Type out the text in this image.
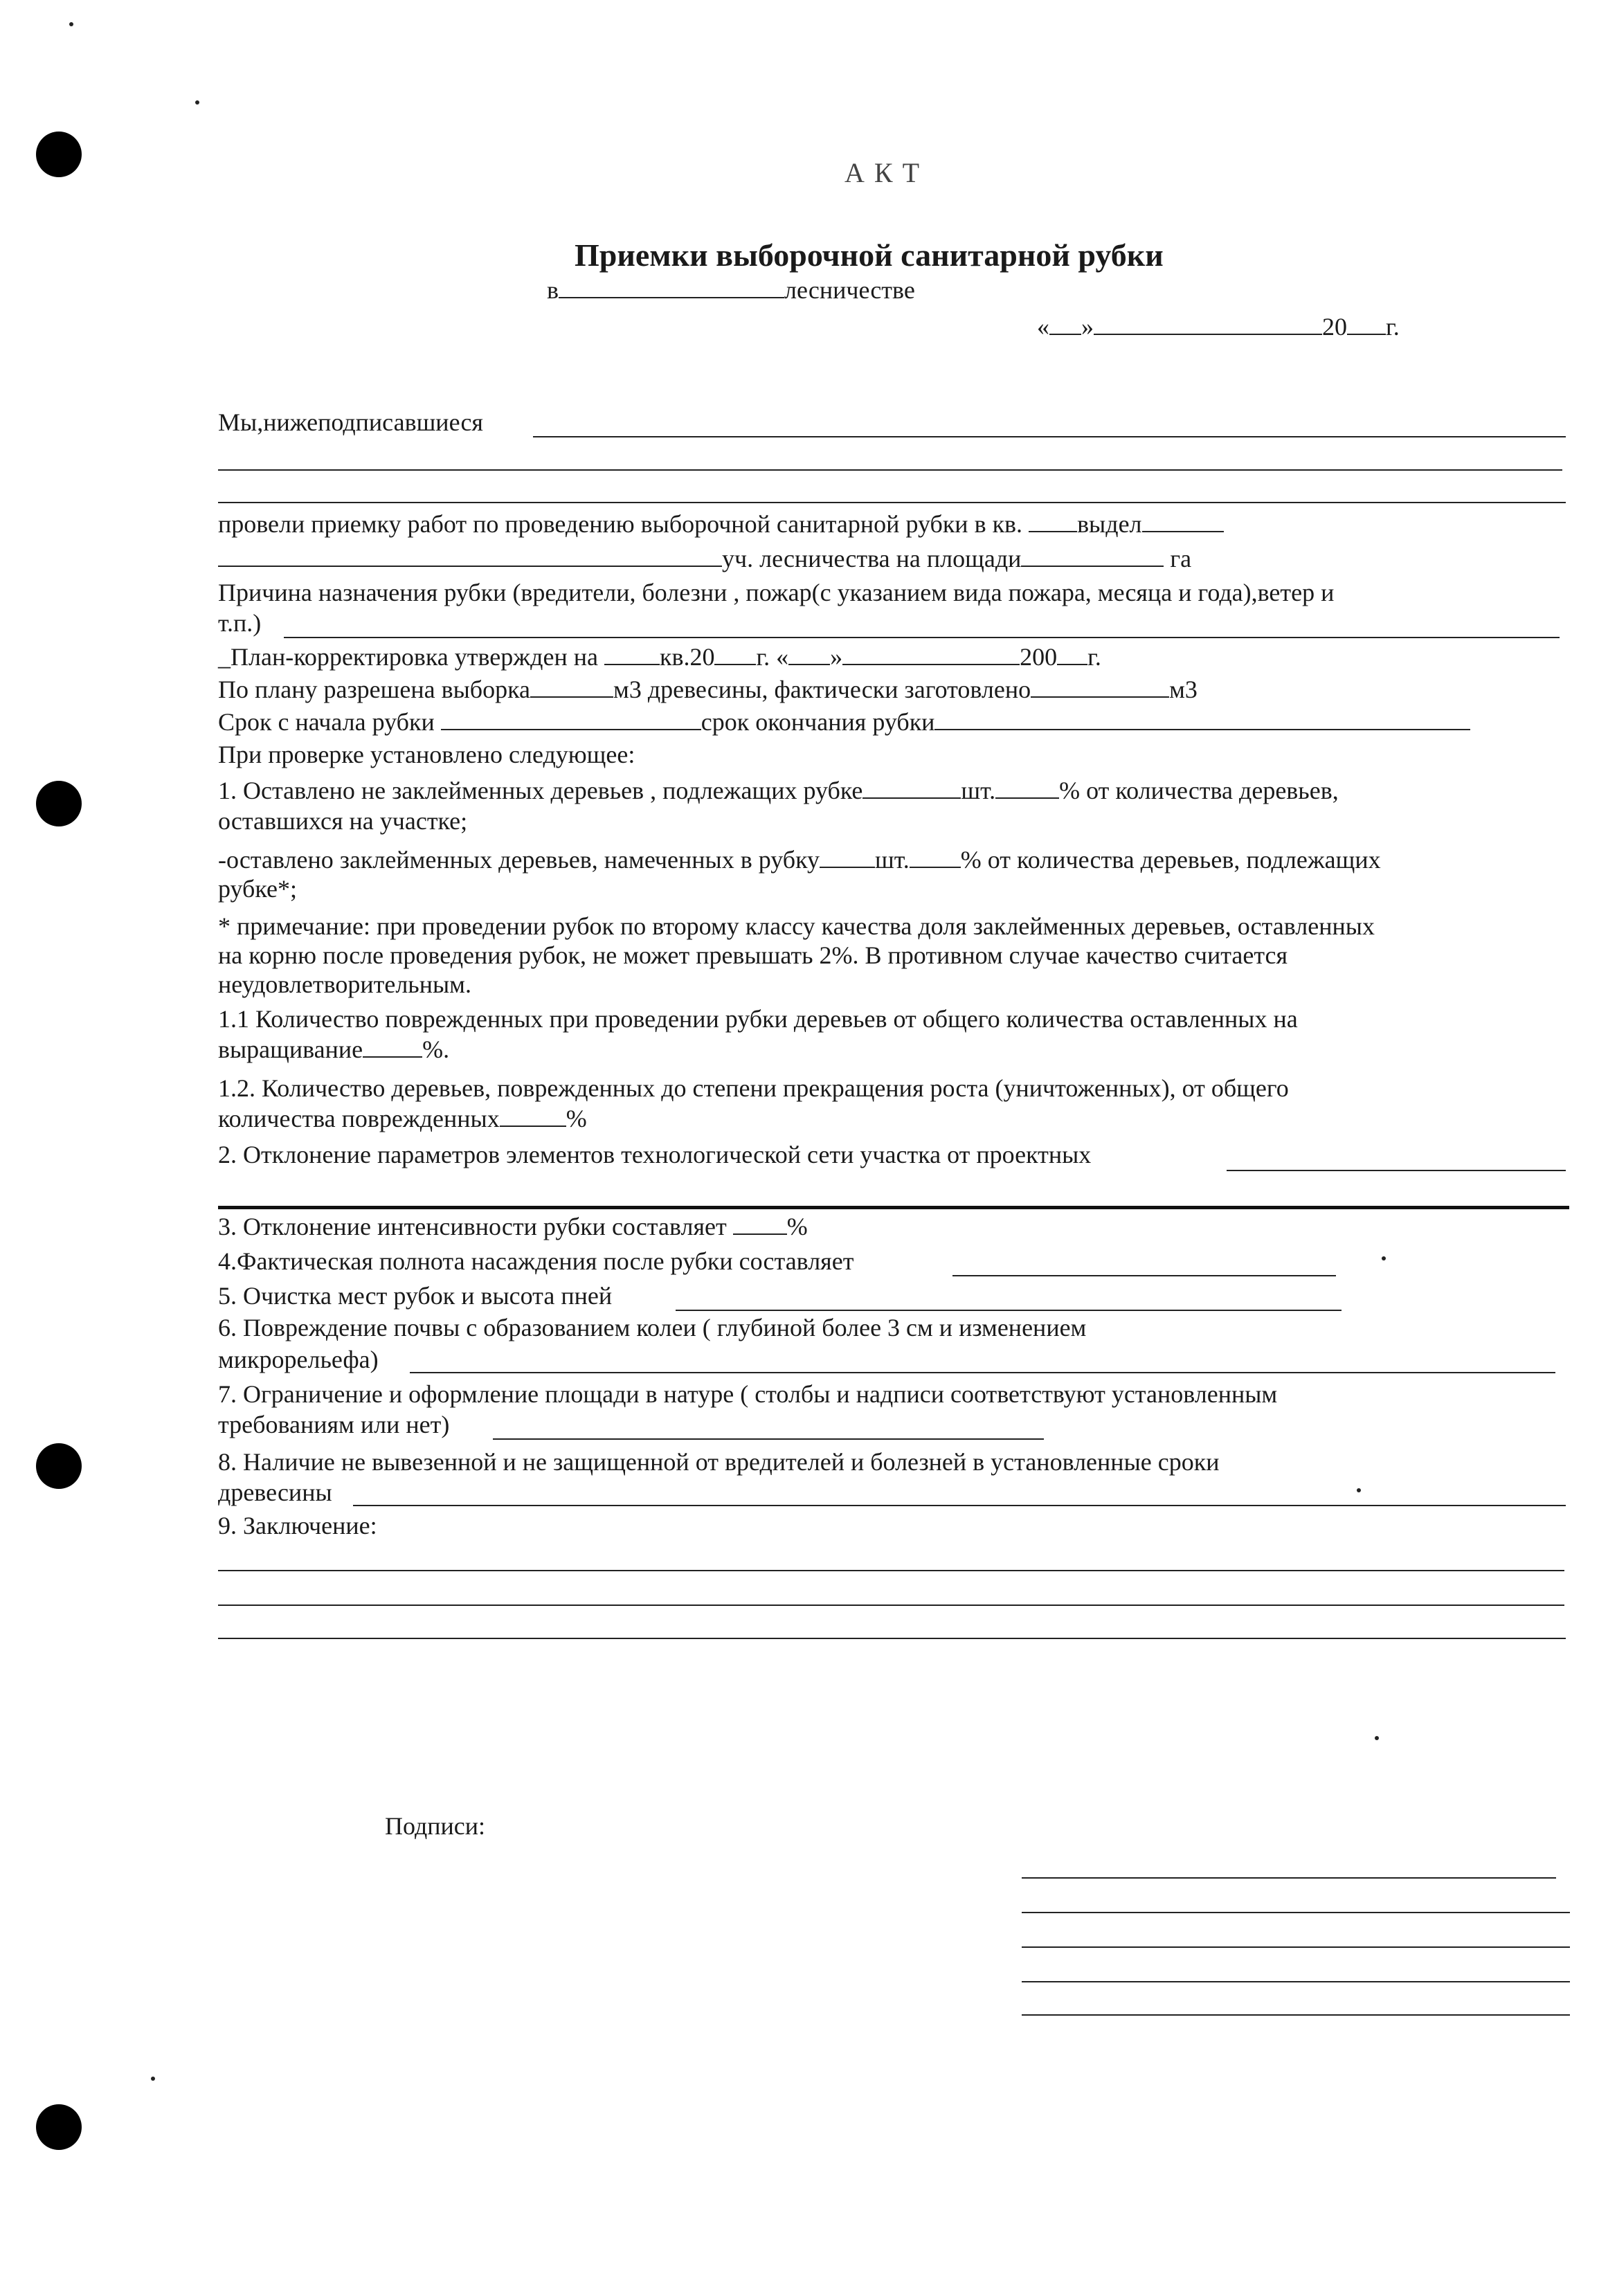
АКТ
Приемки выборочной санитарной рубки
в	лесничестве
« »	20 г.
Мы,нижеподписавшиеся
провели приемку работ по проведению выборочной санитарной рубки в кв. выдел
уч. лесничества на площади	га
Причина назначения рубки (вредители, болезни , пожар(с указанием вида пожара, месяца и года),ветер и
т.п.)
_План-корректировка утвержден на кв.20 г. « »	200 г.
По плану разрешена выборка	м3 древесины, фактически заготовлено	м3
Срок с начала рубки	срок окончания рубки
При проверке установлено следующее:
1. Оставлено не заклейменных деревьев , подлежащих рубке	шт.	% от количества деревьев,
оставшихся на участке;
-оставлено заклейменных деревьев, намеченных в рубку шт. % от количества деревьев, подлежащих
рубке*;
* примечание: при проведении рубок по второму классу качества доля заклейменных деревьев, оставленных
на корню после проведения рубок, не может превышать 2%. В противном случае качество считается
неудовлетворительным.
1.1 Количество поврежденных при проведении рубки деревьев от общего количества оставленных на
выращивание %.
1.2. Количество деревьев, поврежденных до степени прекращения роста (уничтоженных), от общего
количества поврежденных	%
2. Отклонение параметров элементов технологической сети участка от проектных
3. Отклонение интенсивности рубки составляет %
4.Фактическая полнота насаждения после рубки составляет
5. Очистка мест рубок и высота пней
6. Повреждение почвы с образованием колеи ( глубиной более 3 см и изменением
микрорельефа)
7. Ограничение и оформление площади в натуре ( столбы и надписи соответствуют установленным
требованиям или нет)
8. Наличие не вывезенной и не защищенной от вредителей и болезней в установленные сроки
древесины
9. Заключение:
Подписи:
